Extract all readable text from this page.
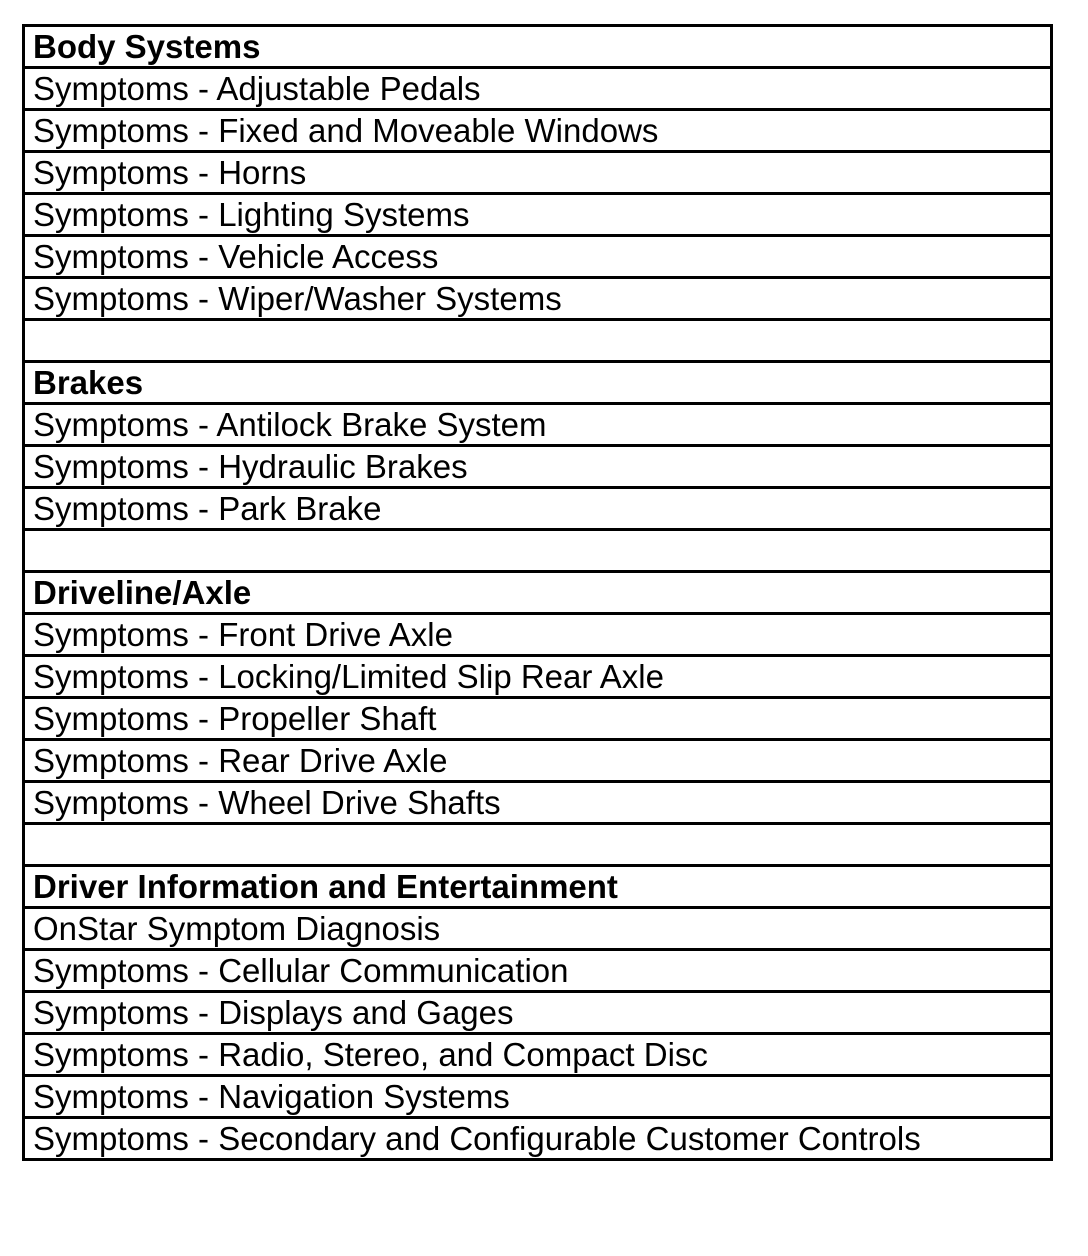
Body Systems
Symptoms - Adjustable Pedals
Symptoms - Fixed and Moveable Windows
Symptoms - Horns
Symptoms - Lighting Systems
Symptoms - Vehicle Access
Symptoms - Wiper/Washer Systems

Brakes
Symptoms - Antilock Brake System
Symptoms - Hydraulic Brakes
Symptoms - Park Brake

Driveline/Axle
Symptoms - Front Drive Axle
Symptoms - Locking/Limited Slip Rear Axle
Symptoms - Propeller Shaft
Symptoms - Rear Drive Axle
Symptoms - Wheel Drive Shafts

Driver Information and Entertainment
OnStar Symptom Diagnosis
Symptoms - Cellular Communication
Symptoms - Displays and Gages
Symptoms - Radio, Stereo, and Compact Disc
Symptoms - Navigation Systems
Symptoms - Secondary and Configurable Customer Controls
